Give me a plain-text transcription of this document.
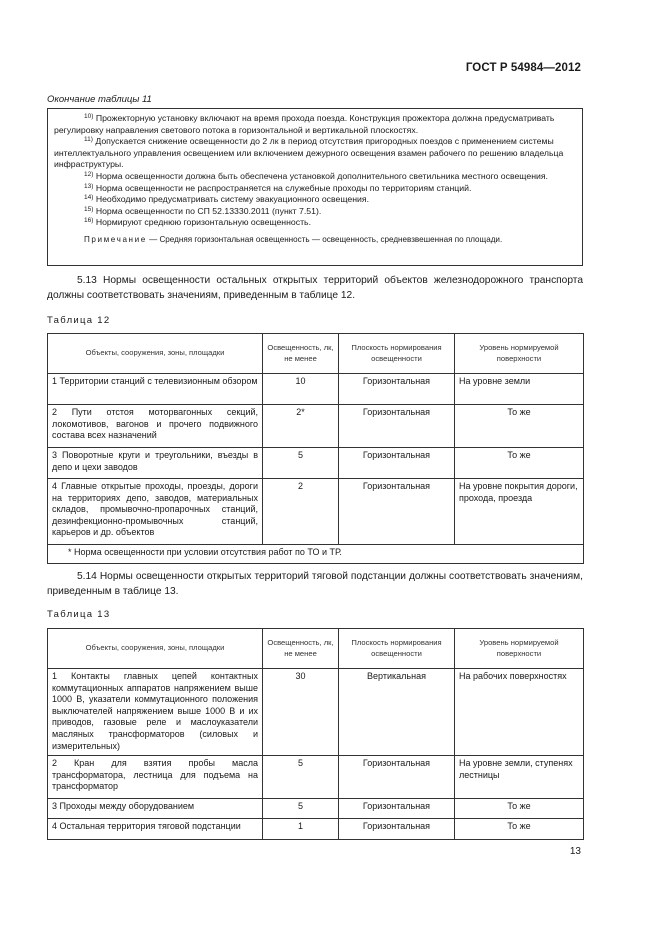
ГОСТ Р 54984—2012
Окончание таблицы 11

$^{10)}$ Прожекторную установку включают на время прохода поезда. Конструкция прожектора должна предусматривать регулировку направления светового потока в горизонтальной и вертикальной плоскостях.

$^{11)}$ Допускается снижение освещенности до 2 лк в период отсутствия пригородных поездов с применением системы интеллектуального управления освещением или включением дежурного освещения взамен рабочего по решению владельца инфраструктуры.

$^{12)}$ Норма освещенности должна быть обеспечена установкой дополнительного светильника местного освещения.

$^{13)}$ Норма освещенности не распространяется на служебные проходы по территориям станций.

$^{14)}$ Необходимо предусматривать систему эвакуационного освещения.

$^{15)}$ Норма освещенности по СП 52.13330.2011 (пункт 7.51).

$^{16)}$ Нормируют среднюю горизонтальную освещенность.

Примечание — Средняя горизонтальная освещенность — освещенность, средневзвешенная по площади.

5.13 Нормы освещенности остальных открытых территорий объектов железнодорожного транспорта должны соответствовать значениям, приведенным в таблице 12.

Таблица 12
Объекты, сооружения, зоны, площадки	Освещенность, лк, не менее	Плоскость нормирования освещенности	Уровень нормируемой поверхности
1 Территории станций с телевизионным обзором	10	Горизонтальная	На уровне земли
2 Пути отстоя моторвагонных секций, локомотивов, вагонов и прочего подвижного состава всех назначений	2*	Горизонтальная	То же
3 Поворотные круги и треугольники, въезды в депо и цехи заводов	5	Горизонтальная	То же
4 Главные открытые проходы, проезды, дороги на территориях депо, заводов, материальных складов, промывочно-пропарочных станций, дезинфекционно-промывочных станций, карьеров и др. объектов	2	Горизонтальная	На уровне покрытия дороги, прохода, проезда
* Норма освещенности при условии отсутствия работ по ТО и ТР.			

5.14 Нормы освещенности открытых территорий тяговой подстанции должны соответствовать значениям, приведенным в таблице 13.

Таблица 13
Объекты, сооружения, зоны, площадки	Освещенность, лк, не менее	Плоскость нормирования освещенности	Уровень нормируемой поверхности
1 Контакты главных цепей контактных коммутационных аппаратов напряжением выше 1000 В, указатели коммутационного положения выключателей напряжением выше 1000 В и их приводов, газовые реле и маслоуказатели масляных трансформаторов (силовых и измерительных)	30	Вертикальная	На рабочих поверхностях
2 Кран для взятия пробы масла трансформатора, лестница для подъема на трансформатор	5	Горизонтальная	На уровне земли, ступенях лестницы
3 Проходы между оборудованием	5	Горизонтальная	То же
4 Остальная территория тяговой подстанции	1	Горизонтальная	То же
13
